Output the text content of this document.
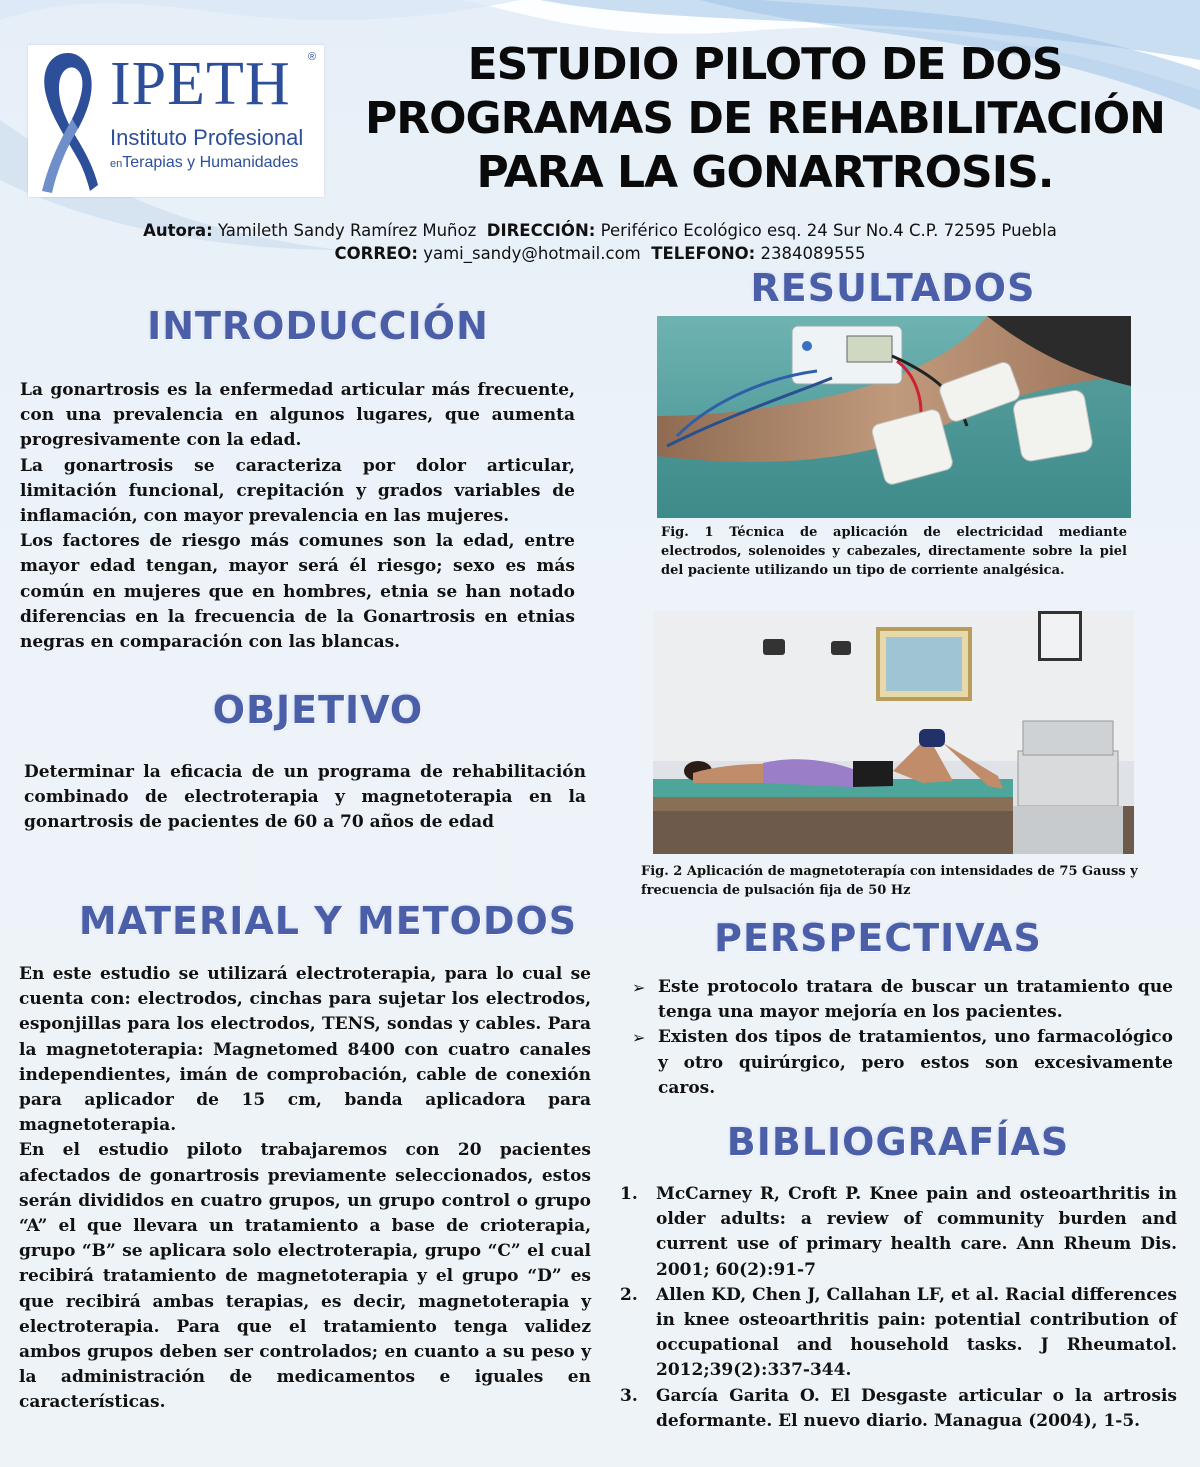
IPETH ®
Instituto Profesional
enTerapias y Humanidades
ESTUDIO PILOTO DE DOS PROGRAMAS DE REHABILITACIÓN PARA LA GONARTROSIS.
Autora: Yamileth Sandy Ramírez Muñoz DIRECCIÓN: Periférico Ecológico esq. 24 Sur No.4 C.P. 72595 Puebla
CORREO: yami_sandy@hotmail.com TELEFONO: 2384089555
INTRODUCCIÓN

La gonartrosis es la enfermedad articular más frecuente, con una prevalencia en algunos lugares, que aumenta progresivamente con la edad.

La gonartrosis se caracteriza por dolor articular, limitación funcional, crepitación y grados variables de inflamación, con mayor prevalencia en las mujeres.

Los factores de riesgo más comunes son la edad, entre mayor edad tengan, mayor será él riesgo; sexo es más común en mujeres que en hombres, etnia se han notado diferencias en la frecuencia de la Gonartrosis en etnias negras en comparación con las blancas.

OBJETIVO

Determinar la eficacia de un programa de rehabilitación combinado de electroterapia y magnetoterapia en la gonartrosis de pacientes de 60 a 70 años de edad

MATERIAL Y METODOS

En este estudio se utilizará electroterapia, para lo cual se cuenta con: electrodos, cinchas para sujetar los electrodos, esponjillas para los electrodos, TENS, sondas y cables. Para la magnetoterapia: Magnetomed 8400 con cuatro canales independientes, imán de comprobación, cable de conexión para aplicador de 15 cm, banda aplicadora para magnetoterapia.

En el estudio piloto trabajaremos con 20 pacientes afectados de gonartrosis previamente seleccionados, estos serán divididos en cuatro grupos, un grupo control o grupo “A” el que llevara un tratamiento a base de crioterapia, grupo “B” se aplicara solo electroterapia, grupo “C” el cual recibirá tratamiento de magnetoterapia y el grupo “D” es que recibirá ambas terapias, es decir, magnetoterapia y electroterapia. Para que el tratamiento tenga validez ambos grupos deben ser controlados; en cuanto a su peso y la administración de medicamentos e iguales en características.

RESULTADOS
Fig. 1 Técnica de aplicación de electricidad mediante electrodos, solenoides y cabezales, directamente sobre la piel del paciente utilizando un tipo de corriente analgésica.
Fig. 2 Aplicación de magnetoterapía con intensidades de 75 Gauss y frecuencia de pulsación fija de 50 Hz
PERSPECTIVAS
➢ Este protocolo tratara de buscar un tratamiento que tenga una mayor mejoría en los pacientes.
➢ Existen dos tipos de tratamientos, uno farmacológico y otro quirúrgico, pero estos son excesivamente caros.
BIBLIOGRAFÍAS
1. McCarney R, Croft P. Knee pain and osteoarthritis in older adults: a review of community burden and current use of primary health care. Ann Rheum Dis. 2001; 60(2):91-7
2. Allen KD, Chen J, Callahan LF, et al. Racial differences in knee osteoarthritis pain: potential contribution of occupational and household tasks. J Rheumatol. 2012;39(2):337-344.
3. García Garita O. El Desgaste articular o la artrosis deformante. El nuevo diario. Managua (2004), 1-5.
